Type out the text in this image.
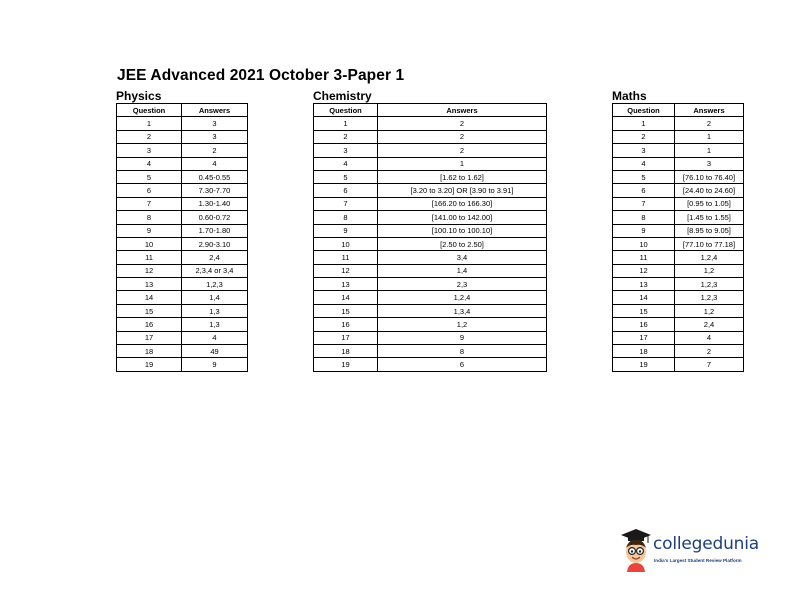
JEE Advanced 2021 October 3-Paper 1
Physics
Question	Answers
1	3
2	3
3	2
4	4
5	0.45-0.55
6	7.30-7.70
7	1.30-1.40
8	0.60-0.72
9	1.70-1.80
10	2.90-3.10
11	2,4
12	2,3,4 or 3,4
13	1,2,3
14	1,4
15	1,3
16	1,3
17	4
18	49
19	9
Chemistry
Question	Answers
1	2
2	2
3	2
4	1
5	[1.62 to 1.62]
6	[3.20 to 3.20] OR [3.90 to 3.91]
7	[166.20 to 166.30]
8	[141.00 to 142.00]
9	[100.10 to 100.10]
10	[2.50 to 2.50]
11	3,4
12	1,4
13	2,3
14	1,2,4
15	1,3,4
16	1,2
17	9
18	8
19	6
Maths
Question	Answers
1	2
2	1
3	1
4	3
5	[76.10 to 76.40]
6	[24.40 to 24.60]
7	[0.95 to 1.05]
8	[1.45 to 1.55]
9	[8.95 to 9.05]
10	[77.10 to 77.18]
11	1,2,4
12	1,2
13	1,2,3
14	1,2,3
15	1,2
16	2,4
17	4
18	2
19	7
collegedunia
India's Largest Student Review Platform
